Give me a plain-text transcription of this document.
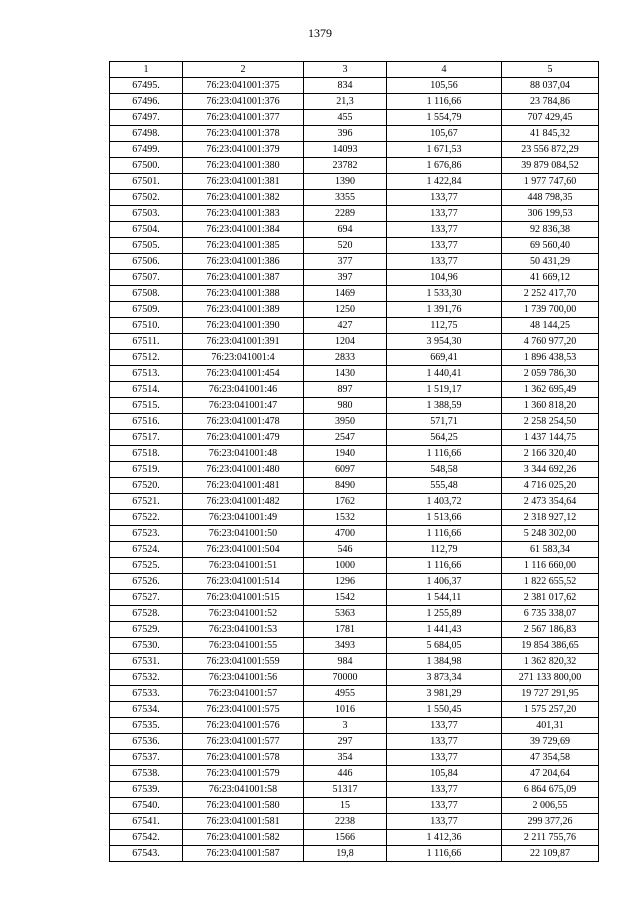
1379
1	2	3	4	5
67495.	76:23:041001:375	834	105,56	88 037,04
67496.	76:23:041001:376	21,3	1 116,66	23 784,86
67497.	76:23:041001:377	455	1 554,79	707 429,45
67498.	76:23:041001:378	396	105,67	41 845,32
67499.	76:23:041001:379	14093	1 671,53	23 556 872,29
67500.	76:23:041001:380	23782	1 676,86	39 879 084,52
67501.	76:23:041001:381	1390	1 422,84	1 977 747,60
67502.	76:23:041001:382	3355	133,77	448 798,35
67503.	76:23:041001:383	2289	133,77	306 199,53
67504.	76:23:041001:384	694	133,77	92 836,38
67505.	76:23:041001:385	520	133,77	69 560,40
67506.	76:23:041001:386	377	133,77	50 431,29
67507.	76:23:041001:387	397	104,96	41 669,12
67508.	76:23:041001:388	1469	1 533,30	2 252 417,70
67509.	76:23:041001:389	1250	1 391,76	1 739 700,00
67510.	76:23:041001:390	427	112,75	48 144,25
67511.	76:23:041001:391	1204	3 954,30	4 760 977,20
67512.	76:23:041001:4	2833	669,41	1 896 438,53
67513.	76:23:041001:454	1430	1 440,41	2 059 786,30
67514.	76:23:041001:46	897	1 519,17	1 362 695,49
67515.	76:23:041001:47	980	1 388,59	1 360 818,20
67516.	76:23:041001:478	3950	571,71	2 258 254,50
67517.	76:23:041001:479	2547	564,25	1 437 144,75
67518.	76:23:041001:48	1940	1 116,66	2 166 320,40
67519.	76:23:041001:480	6097	548,58	3 344 692,26
67520.	76:23:041001:481	8490	555,48	4 716 025,20
67521.	76:23:041001:482	1762	1 403,72	2 473 354,64
67522.	76:23:041001:49	1532	1 513,66	2 318 927,12
67523.	76:23:041001:50	4700	1 116,66	5 248 302,00
67524.	76:23:041001:504	546	112,79	61 583,34
67525.	76:23:041001:51	1000	1 116,66	1 116 660,00
67526.	76:23:041001:514	1296	1 406,37	1 822 655,52
67527.	76:23:041001:515	1542	1 544,11	2 381 017,62
67528.	76:23:041001:52	5363	1 255,89	6 735 338,07
67529.	76:23:041001:53	1781	1 441,43	2 567 186,83
67530.	76:23:041001:55	3493	5 684,05	19 854 386,65
67531.	76:23:041001:559	984	1 384,98	1 362 820,32
67532.	76:23:041001:56	70000	3 873,34	271 133 800,00
67533.	76:23:041001:57	4955	3 981,29	19 727 291,95
67534.	76:23:041001:575	1016	1 550,45	1 575 257,20
67535.	76:23:041001:576	3	133,77	401,31
67536.	76:23:041001:577	297	133,77	39 729,69
67537.	76:23:041001:578	354	133,77	47 354,58
67538.	76:23:041001:579	446	105,84	47 204,64
67539.	76:23:041001:58	51317	133,77	6 864 675,09
67540.	76:23:041001:580	15	133,77	2 006,55
67541.	76:23:041001:581	2238	133,77	299 377,26
67542.	76:23:041001:582	1566	1 412,36	2 211 755,76
67543.	76:23:041001:587	19,8	1 116,66	22 109,87
